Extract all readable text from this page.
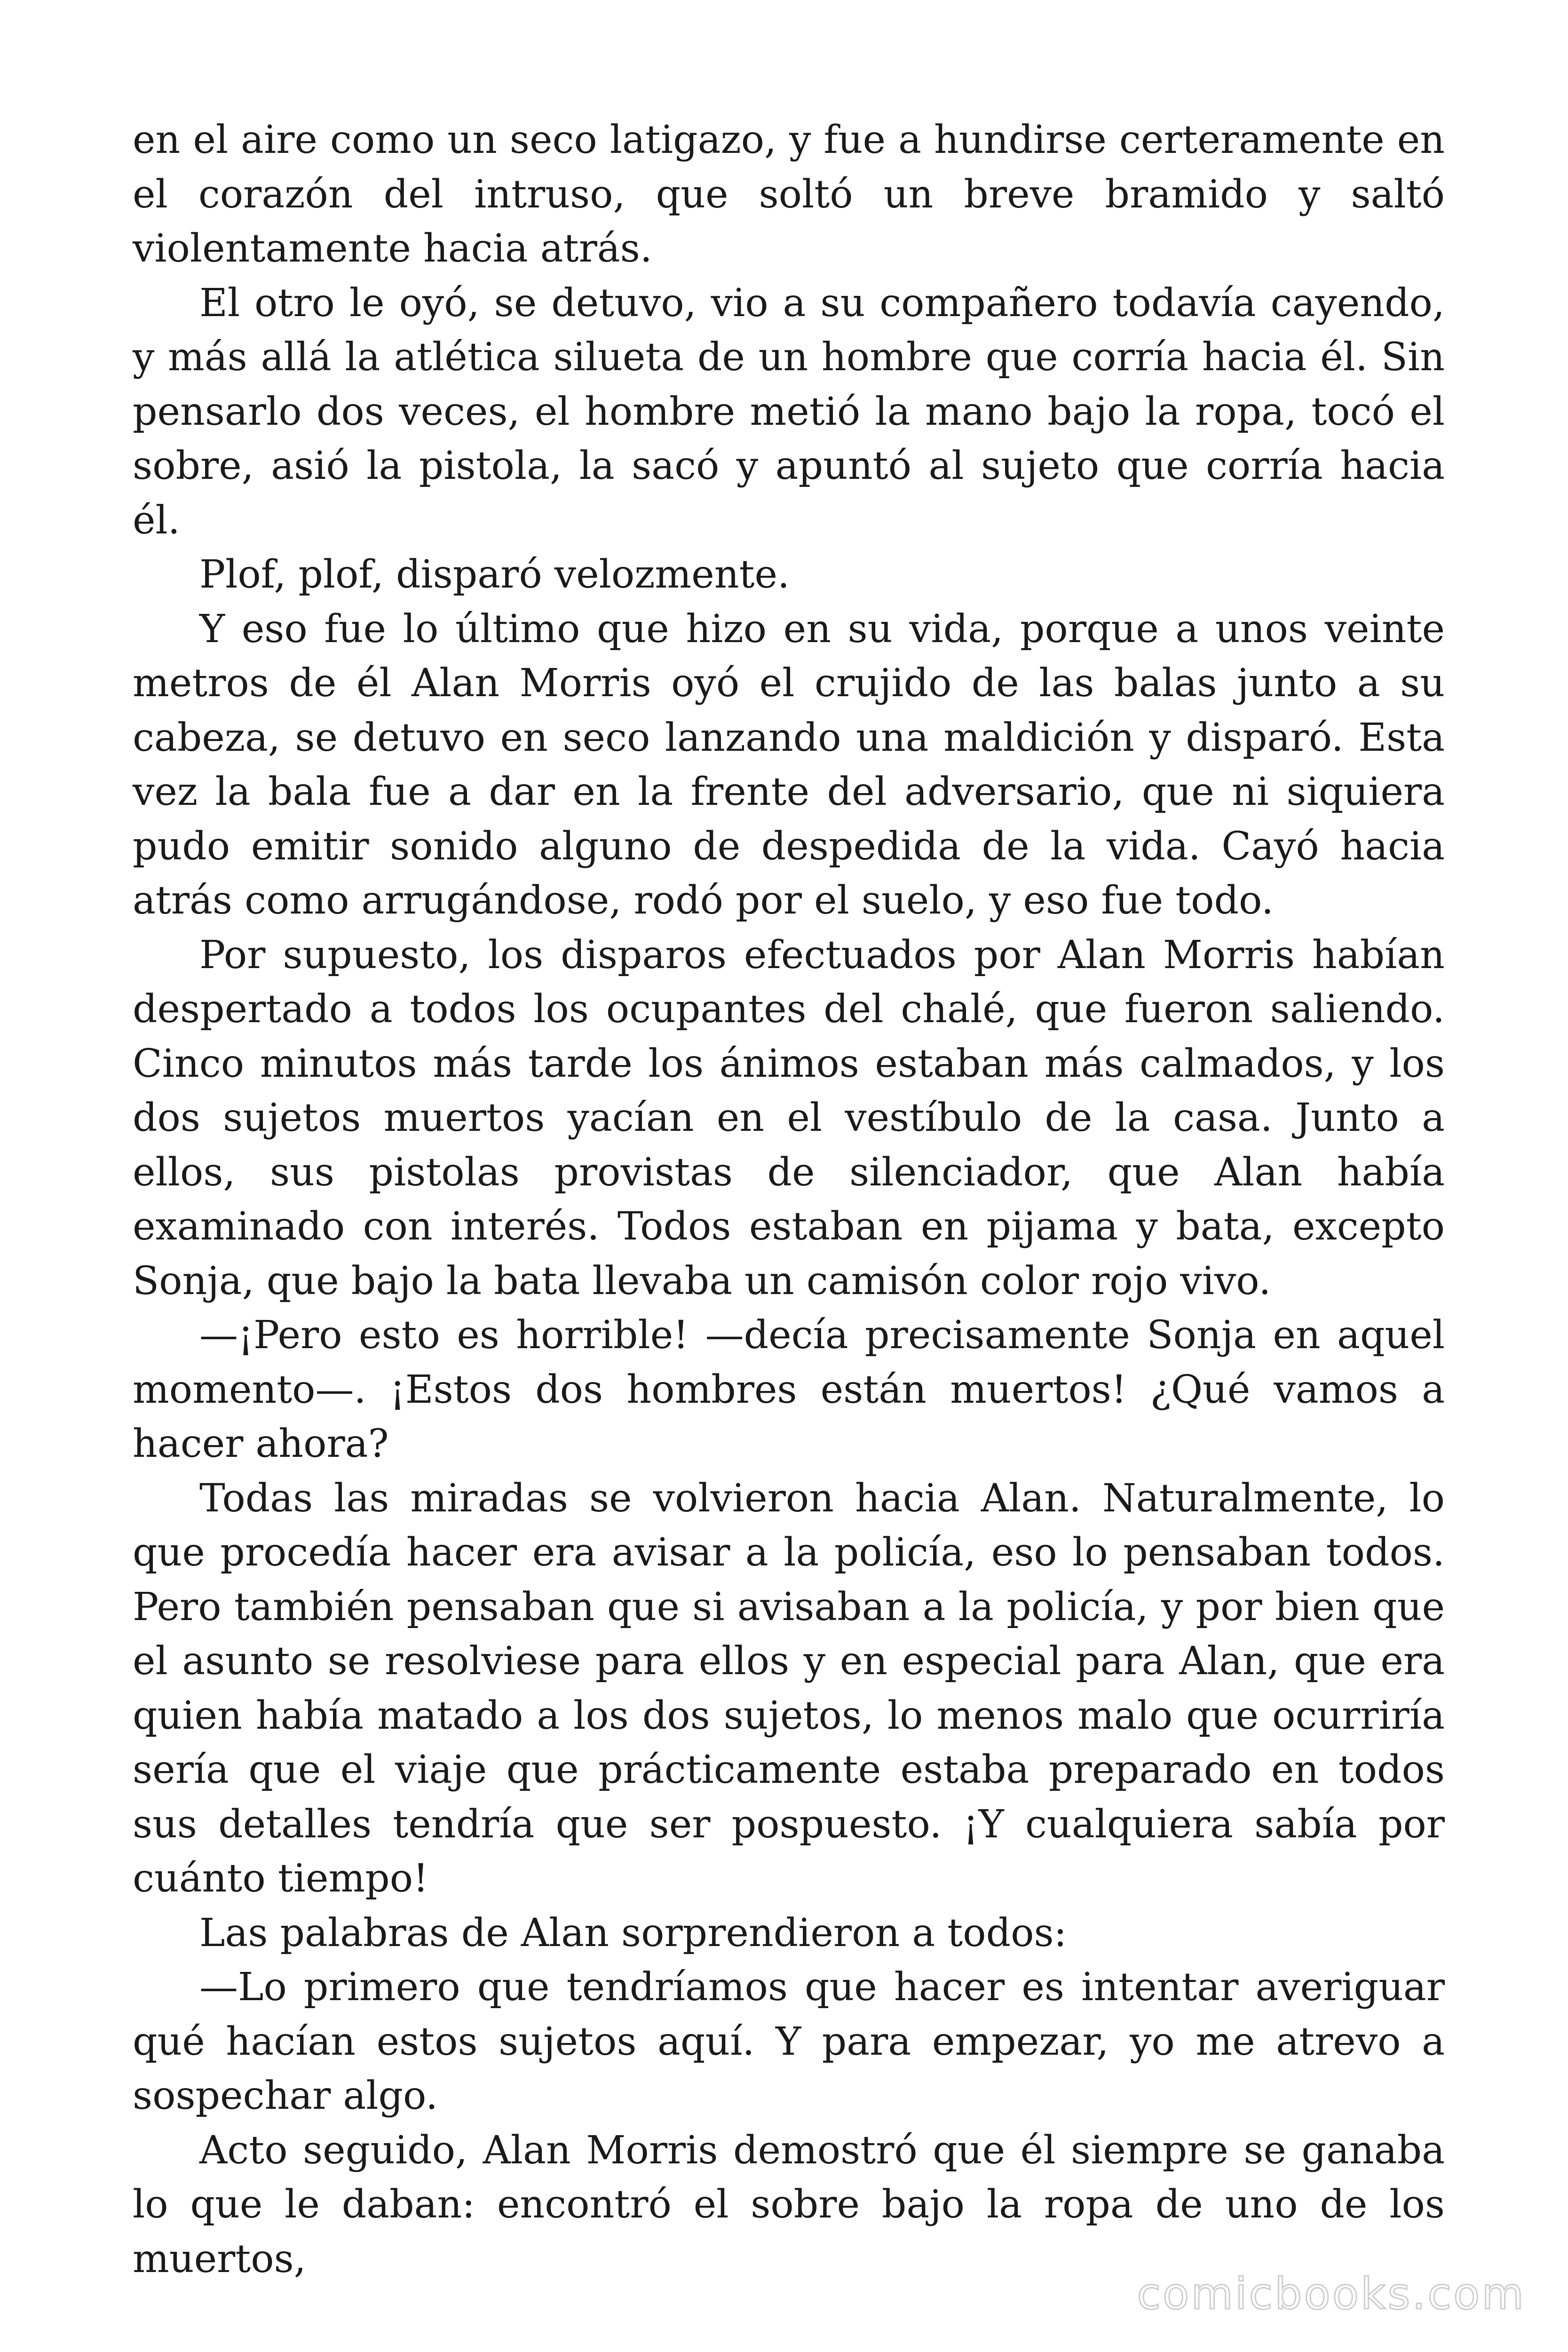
en el aire como un seco latigazo, y fue a hundirse certeramente en el corazón del intruso, que soltó un breve bramido y saltó violentamente hacia atrás.

El otro le oyó, se detuvo, vio a su compañero todavía cayendo, y más allá la atlética silueta de un hombre que corría hacia él. Sin pensarlo dos veces, el hombre metió la mano bajo la ropa, tocó el sobre, asió la pistola, la sacó y apuntó al sujeto que corría hacia él.

Plof, plof, disparó velozmente.

Y eso fue lo último que hizo en su vida, porque a unos veinte metros de él Alan Morris oyó el crujido de las balas junto a su cabeza, se detuvo en seco lanzando una maldición y disparó. Esta vez la bala fue a dar en la frente del adversario, que ni siquiera pudo emitir sonido alguno de despedida de la vida. Cayó hacia atrás como arrugándose, rodó por el suelo, y eso fue todo.

Por supuesto, los disparos efectuados por Alan Morris habían despertado a todos los ocupantes del chalé, que fueron saliendo. Cinco minutos más tarde los ánimos estaban más calmados, y los dos sujetos muertos yacían en el vestíbulo de la casa. Junto a ellos, sus pistolas provistas de silenciador, que Alan había examinado con interés. Todos estaban en pijama y bata, excepto Sonja, que bajo la bata llevaba un camisón color rojo vivo.

—¡Pero esto es horrible! —decía precisamente Sonja en aquel momento—. ¡Estos dos hombres están muertos! ¿Qué vamos a hacer ahora?

Todas las miradas se volvieron hacia Alan. Naturalmente, lo que procedía hacer era avisar a la policía, eso lo pensaban todos. Pero también pensaban que si avisaban a la policía, y por bien que el asunto se resolviese para ellos y en especial para Alan, que era quien había matado a los dos sujetos, lo menos malo que ocurriría sería que el viaje que prácticamente estaba preparado en todos sus detalles tendría que ser pospuesto. ¡Y cualquiera sabía por cuánto tiempo!

Las palabras de Alan sorprendieron a todos:

—Lo primero que tendríamos que hacer es intentar averiguar qué hacían estos sujetos aquí. Y para empezar, yo me atrevo a sospechar algo.

Acto seguido, Alan Morris demostró que él siempre se ganaba lo que le daban: encontró el sobre bajo la ropa de uno de los muertos,

comicbooks.com
